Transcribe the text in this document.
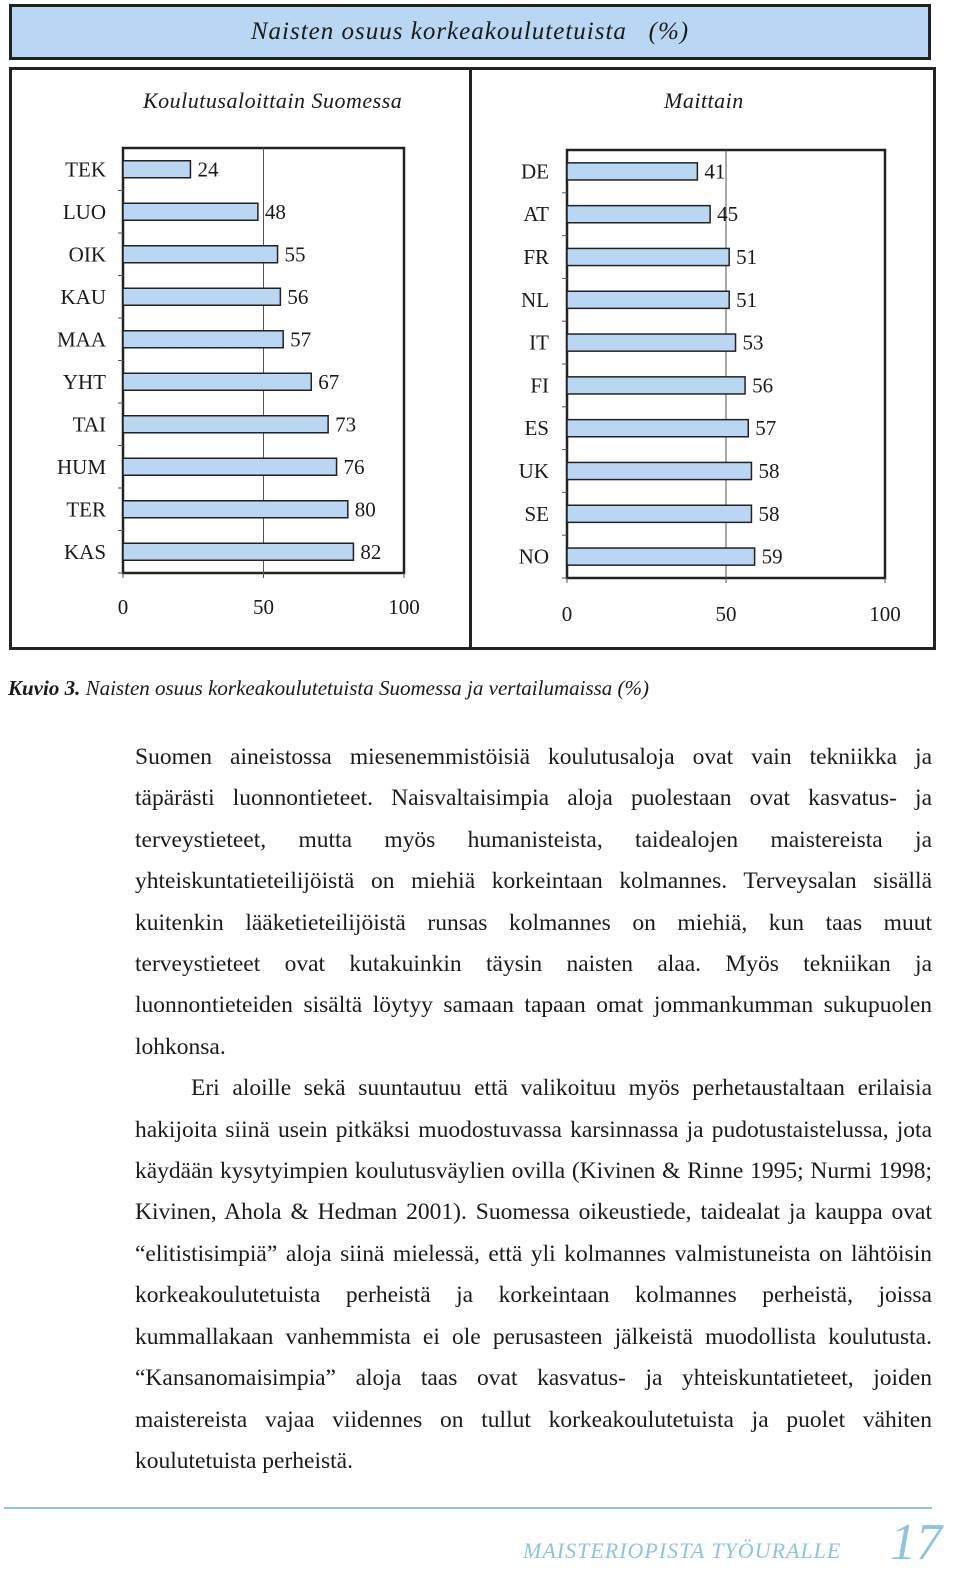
Naisten osuus korkeakoulutetuista   (%)
Koulutusaloittain Suomessa	Maittain
TEK	24
LUO	48
OIK	55
KAU	56
MAA	57
YHT	67
TAI	73
HUM	76
TER	80
KAS	82
0	50	100
DE	41
AT	45
FR	51
NL	51
IT	53
FI	56
ES	57
UK	58
SE	58
NO	59
0	50	100
Kuvio 3. Naisten osuus korkeakoulutetuista Suomessa ja vertailumaissa (%)

Suomen aineistossa miesenemmistöisiä koulutusaloja ovat vain tekniikka ja täpärästi luonnontieteet. Naisvaltaisimpia aloja puolestaan ovat kasvatus- ja terveystieteet, mutta myös humanisteista, taidealojen maistereista ja yhteiskuntatieteilijöistä on miehiä korkeintaan kolmannes. Terveysalan sisällä kuitenkin lääketieteilijöistä runsas kolmannes on miehiä, kun taas muut terveystieteet ovat kutakuinkin täysin naisten alaa. Myös tekniikan ja luonnontieteiden sisältä löytyy samaan tapaan omat jommankumman sukupuolen lohkonsa.

Eri aloille sekä suuntautuu että valikoituu myös perhetaustaltaan erilaisia hakijoita siinä usein pitkäksi muodostuvassa karsinnassa ja pudotustaistelussa, jota käydään kysytyimpien koulutusväylien ovilla (Kivinen & Rinne 1995; Nurmi 1998; Kivinen, Ahola & Hedman 2001). Suomessa oikeustiede, taidealat ja kauppa ovat “elitistisimpiä” aloja siinä mielessä, että yli kolmannes valmistuneista on lähtöisin korkeakoulutetuista perheistä ja korkeintaan kolmannes perheistä, joissa kummallakaan vanhemmista ei ole perusasteen jälkeistä muodollista koulutusta. “Kansanomaisimpia” aloja taas ovat kasvatus- ja yhteiskuntatieteet, joiden maistereista vajaa viidennes on tullut korkeakoulutetuista ja puolet vähiten koulutetuista perheistä.

MAISTERIOPISTA TYÖURALLE 17
